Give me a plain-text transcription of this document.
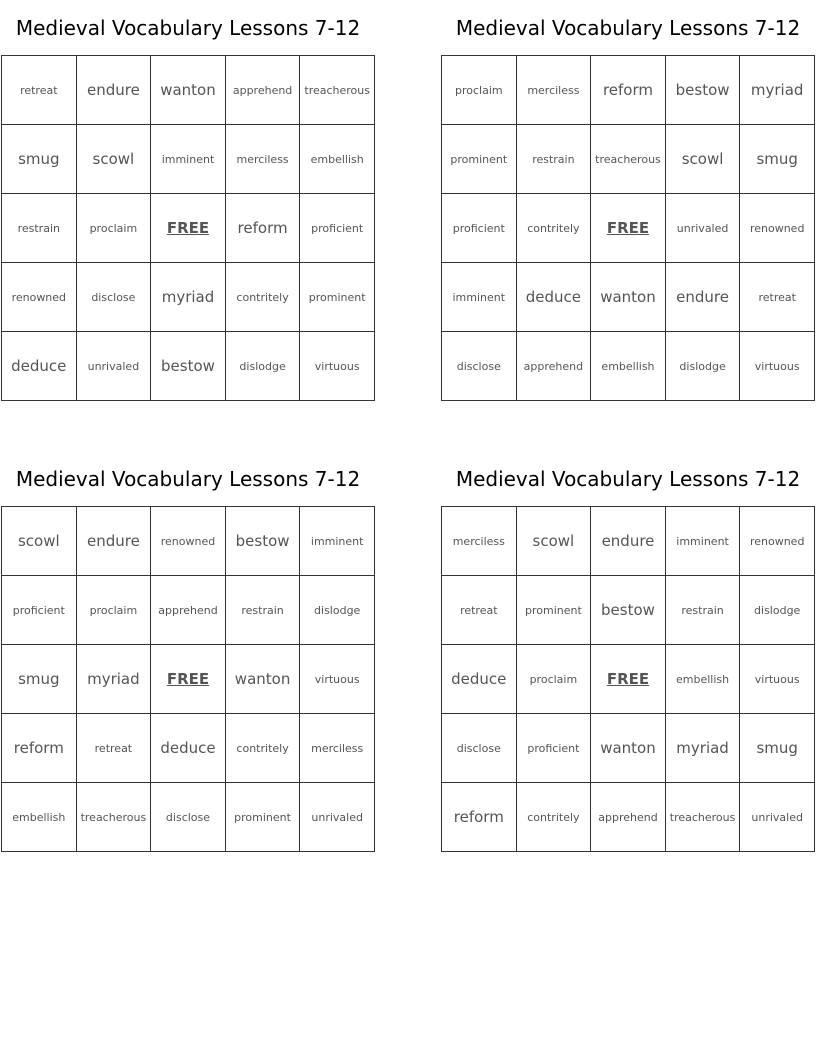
Medieval Vocabulary Lessons 7-12
retreat	endure	wanton	apprehend	treacherous
smug	scowl	imminent	merciless	embellish
restrain	proclaim	FREE	reform	proficient
renowned	disclose	myriad	contritely	prominent
deduce	unrivaled	bestow	dislodge	virtuous
Medieval Vocabulary Lessons 7-12
proclaim	merciless	reform	bestow	myriad
prominent	restrain	treacherous	scowl	smug
proficient	contritely	FREE	unrivaled	renowned
imminent	deduce	wanton	endure	retreat
disclose	apprehend	embellish	dislodge	virtuous
Medieval Vocabulary Lessons 7-12
scowl	endure	renowned	bestow	imminent
proficient	proclaim	apprehend	restrain	dislodge
smug	myriad	FREE	wanton	virtuous
reform	retreat	deduce	contritely	merciless
embellish	treacherous	disclose	prominent	unrivaled
Medieval Vocabulary Lessons 7-12
merciless	scowl	endure	imminent	renowned
retreat	prominent	bestow	restrain	dislodge
deduce	proclaim	FREE	embellish	virtuous
disclose	proficient	wanton	myriad	smug
reform	contritely	apprehend	treacherous	unrivaled
